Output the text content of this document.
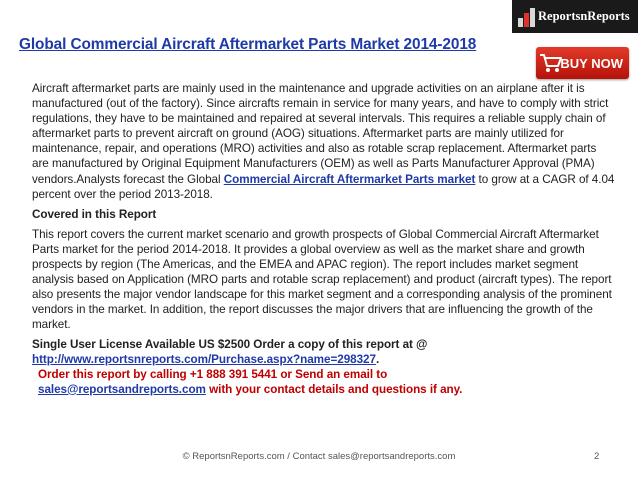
ReportsnReports
BUY NOW
Global Commercial Aircraft Aftermarket Parts Market 2014-2018

Aircraft aftermarket parts are mainly used in the maintenance and upgrade activities on an airplane after it is manufactured (out of the factory). Since aircrafts remain in service for many years, and have to comply with strict regulations, they have to be maintained and repaired at several intervals. This requires a reliable supply chain of aftermarket parts to prevent aircraft on ground (AOG) situations. Aftermarket parts are mainly utilized for maintenance, repair, and operations (MRO) activities and also as rotable scrap replacement. Aftermarket parts are manufactured by Original Equipment Manufacturers (OEM) as well as Parts Manufacturer Approval (PMA) vendors.Analysts forecast the Global Commercial Aircraft Aftermarket Parts market to grow at a CAGR of 4.04 percent over the period 2013-2018.

Covered in this Report

This report covers the current market scenario and growth prospects of Global Commercial Aircraft Aftermarket Parts market for the period 2014-2018. It provides a global overview as well as the market share and growth prospects by region (The Americas, and the EMEA and APAC region). The report includes market segment analysis based on Application (MRO parts and rotable scrap replacement) and product (aircraft types). The report also presents the major vendor landscape for this market segment and a corresponding analysis of the prominent vendors in the market. In addition, the report discusses the major drivers that are influencing the growth of the market.

Single User License Available US $2500 Order a copy of this report at @
http://www.reportsnreports.com/Purchase.aspx?name=298327.

Order this report by calling +1 888 391 5441 or Send an email to
sales@reportsandreports.com with your contact details and questions if any.
© ReportsnReports.com / Contact sales@reportsandreports.com	2
